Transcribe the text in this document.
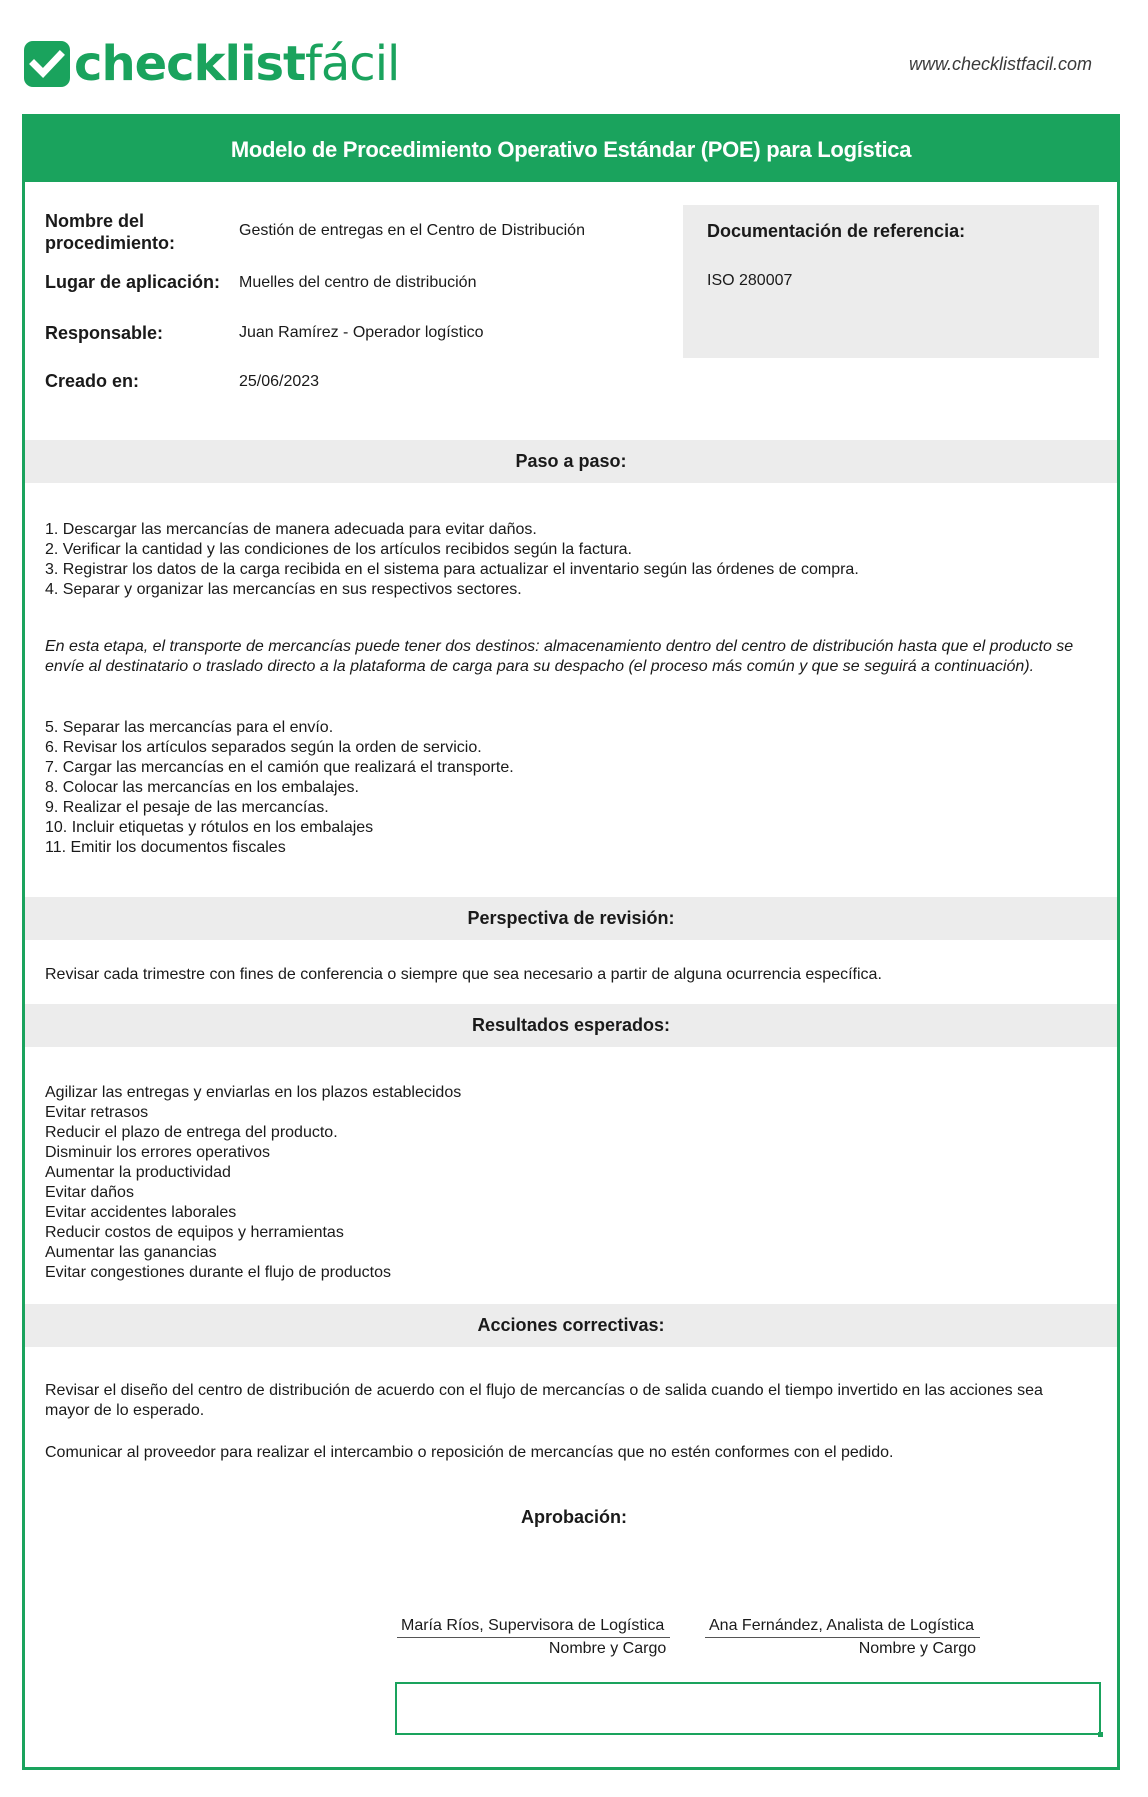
checklistfácil	www.checklistfacil.com
Modelo de Procedimiento Operativo Estándar (POE) para Logística
Nombre del procedimiento:
Gestión de entregas en el Centro de Distribución
Lugar de aplicación: Muelles del centro de distribución
Responsable:	Juan Ramírez - Operador logístico
Creado en:	25/06/2023
Documentación de referencia:
ISO 280007
Paso a paso:
1. Descargar las mercancías de manera adecuada para evitar daños.
2. Verificar la cantidad y las condiciones de los artículos recibidos según la factura.
3. Registrar los datos de la carga recibida en el sistema para actualizar el inventario según las órdenes de compra.
4. Separar y organizar las mercancías en sus respectivos sectores.
En esta etapa, el transporte de mercancías puede tener dos destinos: almacenamiento dentro del centro de distribución hasta que el producto se envíe al destinatario o traslado directo a la plataforma de carga para su despacho (el proceso más común y que se seguirá a continuación).
5. Separar las mercancías para el envío.
6. Revisar los artículos separados según la orden de servicio.
7. Cargar las mercancías en el camión que realizará el transporte.
8. Colocar las mercancías en los embalajes.
9. Realizar el pesaje de las mercancías.
10. Incluir etiquetas y rótulos en los embalajes
11. Emitir los documentos fiscales
Perspectiva de revisión:
Revisar cada trimestre con fines de conferencia o siempre que sea necesario a partir de alguna ocurrencia específica.
Resultados esperados:
Agilizar las entregas y enviarlas en los plazos establecidos
Evitar retrasos
Reducir el plazo de entrega del producto.
Disminuir los errores operativos
Aumentar la productividad
Evitar daños
Evitar accidentes laborales
Reducir costos de equipos y herramientas
Aumentar las ganancias
Evitar congestiones durante el flujo de productos
Acciones correctivas:
Revisar el diseño del centro de distribución de acuerdo con el flujo de mercancías o de salida cuando el tiempo invertido en las acciones sea mayor de lo esperado.
Comunicar al proveedor para realizar el intercambio o reposición de mercancías que no estén conformes con el pedido.
Aprobación:
María Ríos, Supervisora de Logística
Nombre y Cargo
Ana Fernández, Analista de Logística
Nombre y Cargo
